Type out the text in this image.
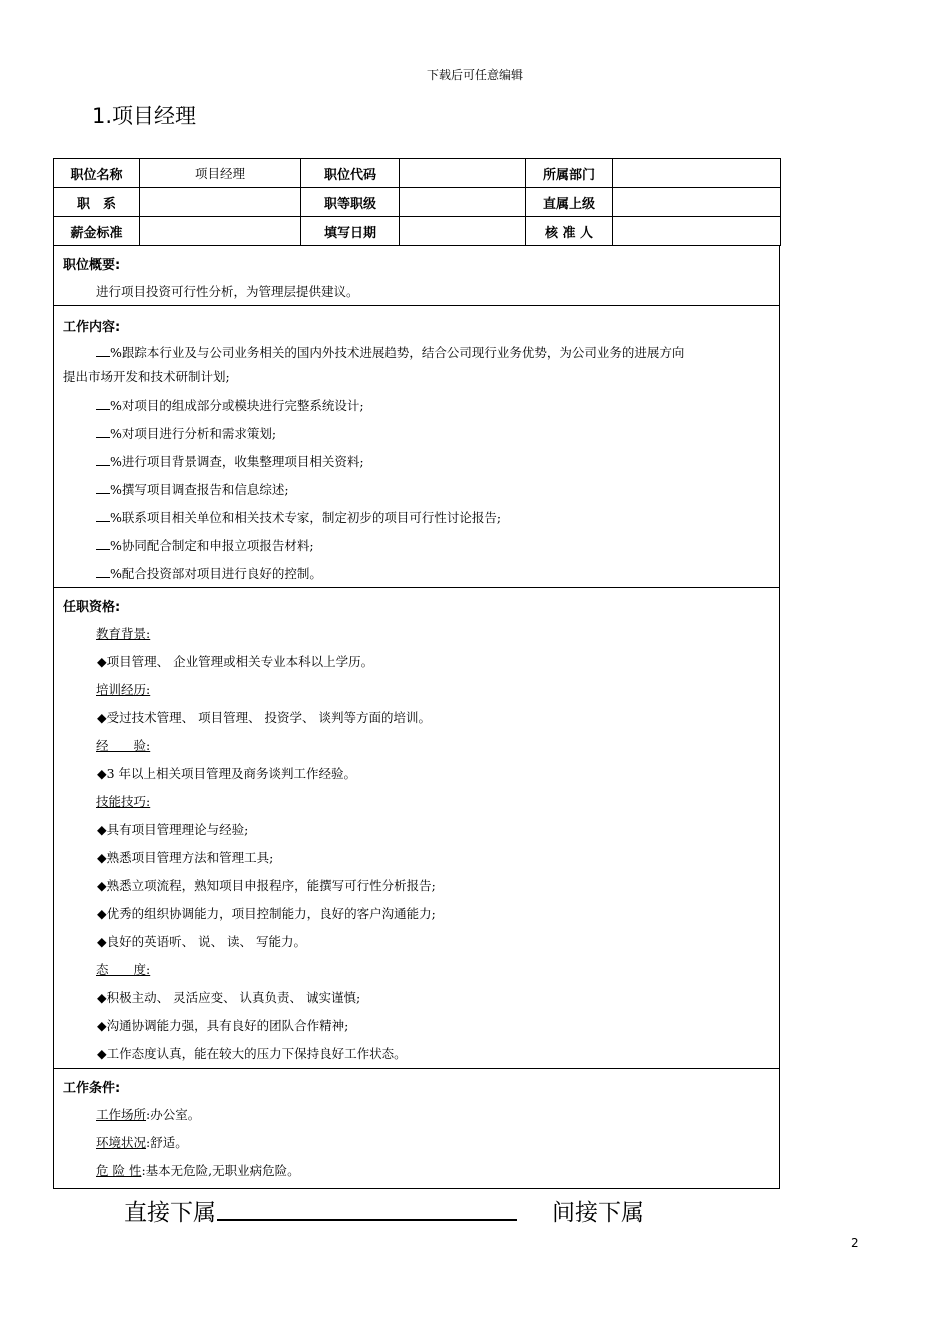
下载后可任意编辑
1.项目经理
职位名称	项目经理	职位代码		所属部门	
职　系		职等职级		直属上级	
薪金标准		填写日期		核 准 人	
职位概要:
进行项目投资可行性分析，为管理层提供建议。
工作内容:
%跟踪本行业及与公司业务相关的国内外技术进展趋势，结合公司现行业务优势，为公司业务的进展方向
提出市场开发和技术研制计划;
%对项目的组成部分或模块进行完整系统设计;
%对项目进行分析和需求策划;
%进行项目背景调查，收集整理项目相关资料;
%撰写项目调查报告和信息综述;
%联系项目相关单位和相关技术专家，制定初步的项目可行性讨论报告;
%协同配合制定和申报立项报告材料;
%配合投资部对项目进行良好的控制。
任职资格:
教育背景:
◆项目管理、 企业管理或相关专业本科以上学历。
培训经历:
◆受过技术管理、 项目管理、 投资学、 谈判等方面的培训。
经　　验:
◆3 年以上相关项目管理及商务谈判工作经验。
技能技巧:
◆具有项目管理理论与经验;
◆熟悉项目管理方法和管理工具;
◆熟悉立项流程，熟知项目申报程序，能撰写可行性分析报告;
◆优秀的组织协调能力，项目控制能力，良好的客户沟通能力;
◆良好的英语听、 说、 读、 写能力。
态　　度:
◆积极主动、 灵活应变、 认真负责、 诚实谨慎;
◆沟通协调能力强，具有良好的团队合作精神;
◆工作态度认真，能在较大的压力下保持良好工作状态。
工作条件:
工作场所:办公室。
环境状况:舒适。
危 险 性:基本无危险,无职业病危险。
直接下属	间接下属
2
